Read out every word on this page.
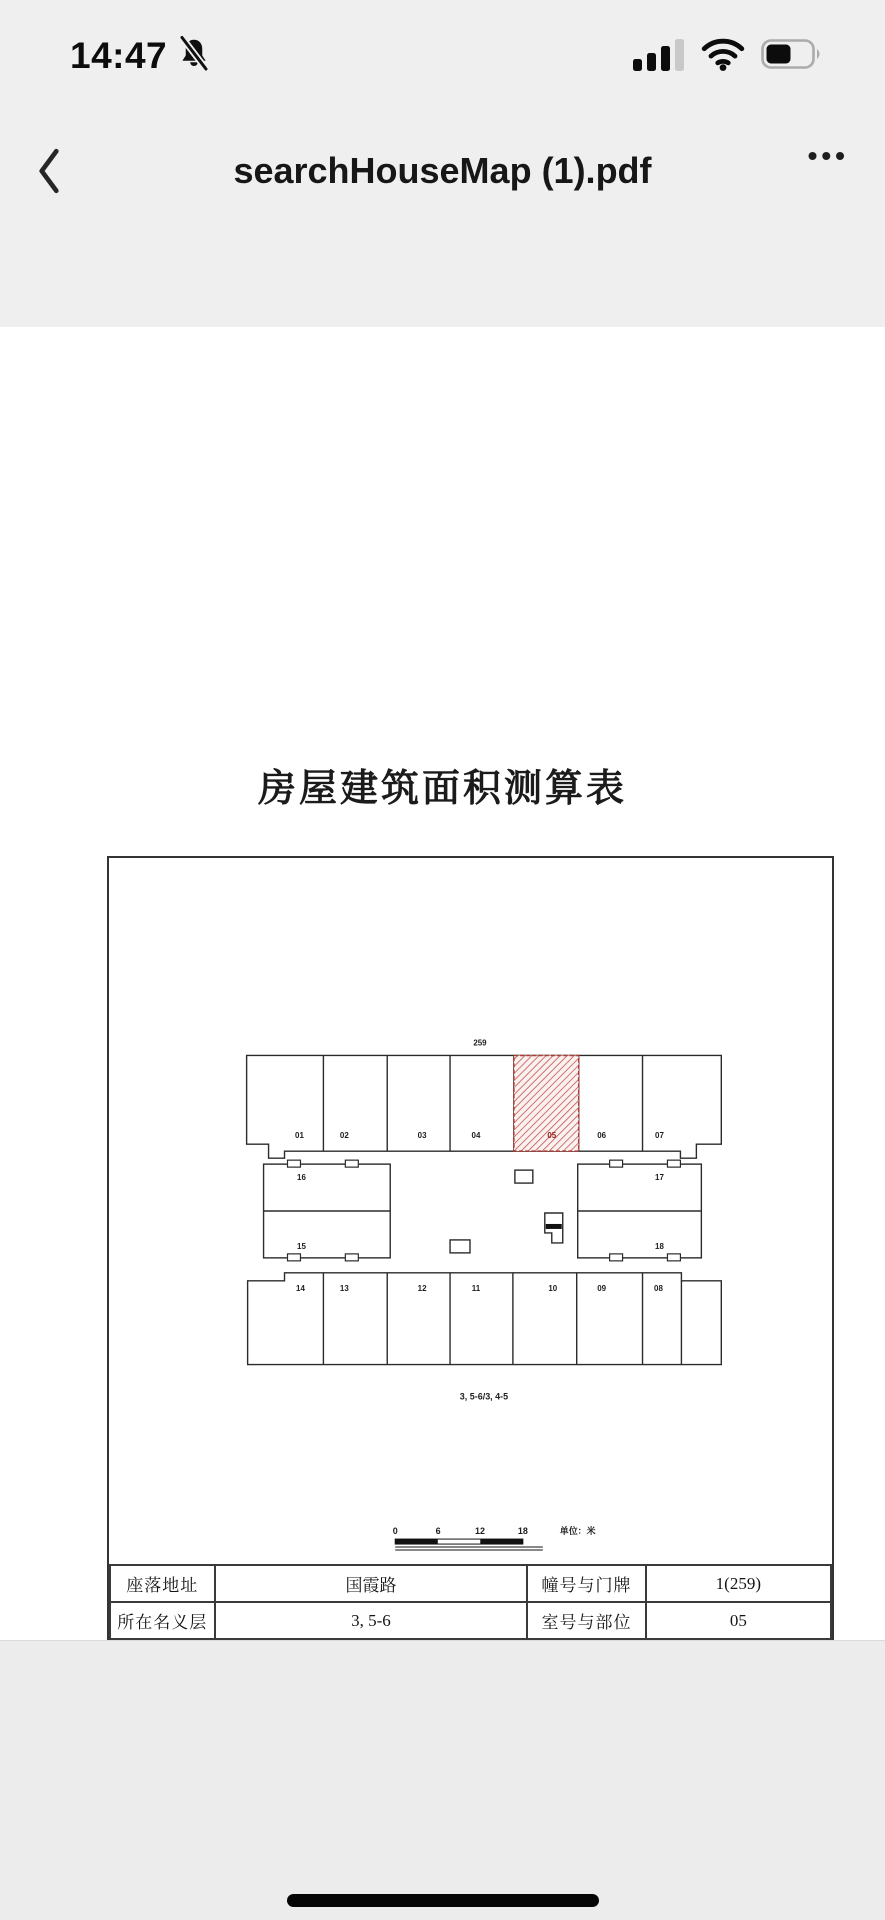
14:47
searchHouseMap (1).pdf	•••
房屋建筑面积测算表
259
01	02	03	04	05	06	07
16
15
17
18
14	13	12	11	10	09	08
3, 5-6/3, 4-5
0	6	12	18	单位：米
座落地址	国霞路	幢号与门牌		1(259)
所在名义层	3, 5-6	室号与部位		05
